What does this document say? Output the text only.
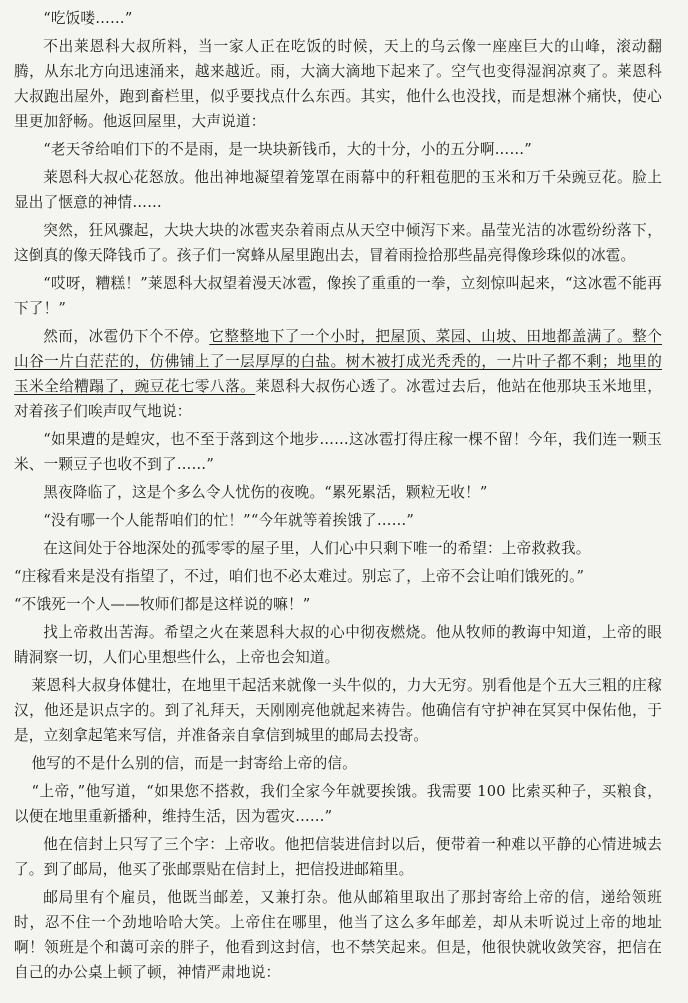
“吃饭喽……”

不出莱恩科大叔所料，当一家人正在吃饭的时候，天上的乌云像一座座巨大的山峰，滚动翻腾，从东北方向迅速涌来，越来越近。雨，大滴大滴地下起来了。空气也变得湿润凉爽了。莱恩科大叔跑出屋外，跑到畜栏里，似乎要找点什么东西。其实，他什么也没找，而是想淋个痛快，使心里更加舒畅。他返回屋里，大声说道：

“老天爷给咱们下的不是雨，是一块块新钱币，大的十分，小的五分啊……”

莱恩科大叔心花怒放。他出神地凝望着笼罩在雨幕中的秆粗苞肥的玉米和万千朵豌豆花。脸上显出了惬意的神情……

突然，狂风骤起，大块大块的冰雹夹杂着雨点从天空中倾泻下来。晶莹光洁的冰雹纷纷落下，这倒真的像天降钱币了。孩子们一窝蜂从屋里跑出去，冒着雨捡拾那些晶亮得像珍珠似的冰雹。

“哎呀，糟糕！”莱恩科大叔望着漫天冰雹，像挨了重重的一拳，立刻惊叫起来，“这冰雹不能再下了！”

然而，冰雹仍下个不停。它整整地下了一个小时，把屋顶、菜园、山坡、田地都盖满了。整个山谷一片白茫茫的，仿佛铺上了一层厚厚的白盐。树木被打成光秃秃的，一片叶子都不剩；地里的玉米全给糟蹋了，豌豆花七零八落。莱恩科大叔伤心透了。冰雹过去后，他站在他那块玉米地里，对着孩子们唉声叹气地说：

“如果遭的是蝗灾，也不至于落到这个地步……这冰雹打得庄稼一棵不留！今年，我们连一颗玉米、一颗豆子也收不到了……”

黑夜降临了，这是个多么令人忧伤的夜晚。“累死累活，颗粒无收！”

“没有哪一个人能帮咱们的忙！”“今年就等着挨饿了……”

在这间处于谷地深处的孤零零的屋子里，人们心中只剩下唯一的希望：上帝救救我。

“庄稼看来是没有指望了，不过，咱们也不必太难过。别忘了，上帝不会让咱们饿死的。”

“不饿死一个人——牧师们都是这样说的嘛！”

找上帝救出苦海。希望之火在莱恩科大叔的心中彻夜燃烧。他从牧师的教诲中知道，上帝的眼睛洞察一切，人们心里想些什么，上帝也会知道。

莱恩科大叔身体健壮，在地里干起活来就像一头牛似的，力大无穷。别看他是个五大三粗的庄稼汉，他还是识点字的。到了礼拜天，天刚刚亮他就起来祷告。他确信有守护神在冥冥中保佑他，于是，立刻拿起笔来写信，并准备亲自拿信到城里的邮局去投寄。

他写的不是什么别的信，而是一封寄给上帝的信。

“上帝，”他写道，“如果您不搭救，我们全家今年就要挨饿。我需要 100 比索买种子，买粮食，以便在地里重新播种，维持生活，因为雹灾……”

他在信封上只写了三个字：上帝收。他把信装进信封以后，便带着一种难以平静的心情进城去了。到了邮局，他买了张邮票贴在信封上，把信投进邮箱里。

邮局里有个雇员，他既当邮差，又兼打杂。他从邮箱里取出了那封寄给上帝的信，递给领班时，忍不住一个劲地哈哈大笑。上帝住在哪里，他当了这么多年邮差，却从未听说过上帝的地址啊！领班是个和蔼可亲的胖子，他看到这封信，也不禁笑起来。但是，他很快就收敛笑容，把信在自己的办公桌上顿了顿，神情严肃地说：
